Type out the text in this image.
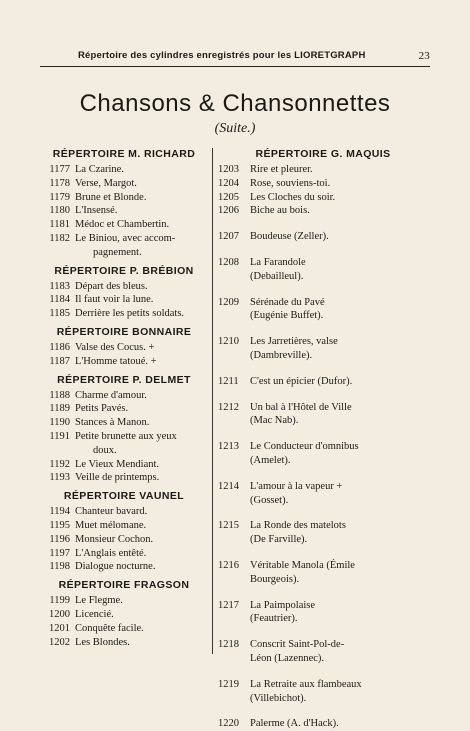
Répertoire des cylindres enregistrés pour les LIORETGRAPH	23
Chansons & Chansonnettes
(Suite.)
RÉPERTOIRE M. RICHARD
1177 La Czarine.
1178 Verse, Margot.
1179 Brune et Blonde.
1180 L'Insensé.
1181 Médoc et Chambertin.
1182 Le Biniou, avec accom-
pagnement.
RÉPERTOIRE P. BRÉBION
1183 Départ des bleus.
1184 Il faut voir la lune.
1185 Derrière les petits soldats.
RÉPERTOIRE BONNAIRE
1186 Valse des Cocus. +
1187 L'Homme tatoué. +
RÉPERTOIRE P. DELMET
1188 Charme d'amour.
1189 Petits Pavés.
1190 Stances à Manon.
1191 Petite brunette aux yeux
doux.
1192 Le Vieux Mendiant.
1193 Veille de printemps.
RÉPERTOIRE VAUNEL
1194 Chanteur bavard.
1195 Muet mélomane.
1196 Monsieur Cochon.
1197 L'Anglais entêté.
1198 Dialogue nocturne.
RÉPERTOIRE FRAGSON
1199 Le Flegme.
1200 Licencié.
1201 Conquête facile.
1202 Les Blondes.
RÉPERTOIRE G. MAQUIS
1203	Rire et pleurer.
1204	Rose, souviens-toi.
1205	Les Cloches du soir.
1206	Biche au bois.
1207	Boudeuse (Zeller).
1208	La Farandole
(Debailleul).
1209	Sérénade du Pavé
(Eugénie Buffet).
1210	Les Jarretières, valse
(Dambreville).
1211	C'est un épicier (Dufor).
1212	Un bal à l'Hôtel de Ville
(Mac Nab).
1213	Le Conducteur d'omnibus
(Amelet).
1214	L'amour à la vapeur +
(Gosset).
1215	La Ronde des matelots
(De Farville).
1216	Véritable Manola (Émile
Bourgeois).
1217	La Paimpolaise
(Feautrier).
1218	Conscrit Saint-Pol-de-
Léon (Lazennec).
1219	La Retraite aux flambeaux
(Villebichot).
1220	Palerme (A. d'Hack).
